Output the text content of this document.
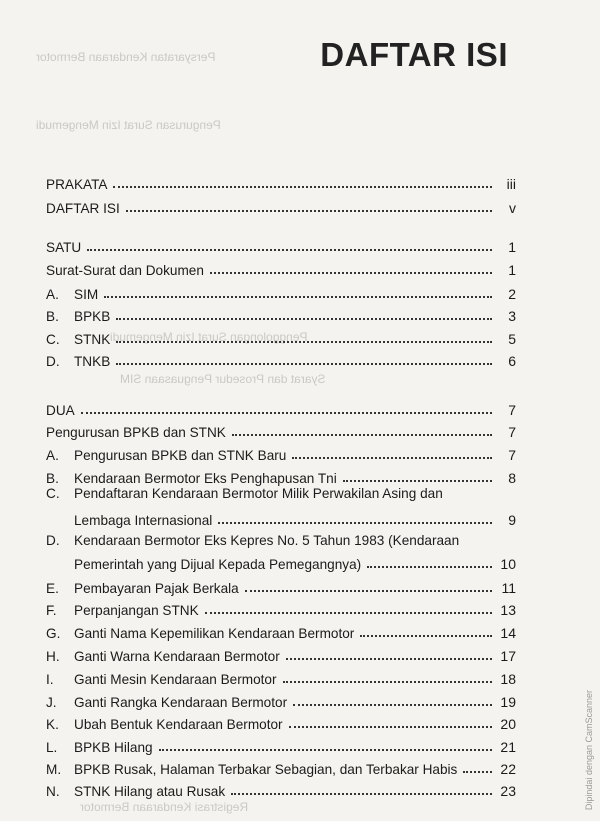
Persyaratan Kendaraan Bermotor
Pengurusan Surat Izin Mengemudi
Penggolongan Surat Izin Mengemudi
Syarat dan Prosedur Penguasaan SIM
Registrasi Kendaraan Bermotor
DAFTAR ISI
PRAKATA	iii
DAFTAR ISI	v
SATU	1
Surat-Surat dan Dokumen	1
A.	SIM	2
B.	BPKB	3
C.	STNK	5
D.	TNKB	6
DUA	7
Pengurusan BPKB dan STNK	7
A.	Pengurusan BPKB dan STNK Baru	7
B.	Kendaraan Bermotor Eks Penghapusan Tni	8
C. Pendaftaran Kendaraan Bermotor Milik Perwakilan Asing dan
Lembaga Internasional	9
D. Kendaraan Bermotor Eks Kepres No. 5 Tahun 1983 (Kendaraan
Pemerintah yang Dijual Kepada Pemegangnya)	10
E.	Pembayaran Pajak Berkala	11
F.	Perpanjangan STNK	13
G.	Ganti Nama Kepemilikan Kendaraan Bermotor	14
H.	Ganti Warna Kendaraan Bermotor	17
I.	Ganti Mesin Kendaraan Bermotor	18
J.	Ganti Rangka Kendaraan Bermotor	19
K.	Ubah Bentuk Kendaraan Bermotor	20
L.	BPKB Hilang	21
M. BPKB Rusak, Halaman Terbakar Sebagian, dan Terbakar Habis	22
N.	STNK Hilang atau Rusak	23	Dipindai dengan CamScanner
